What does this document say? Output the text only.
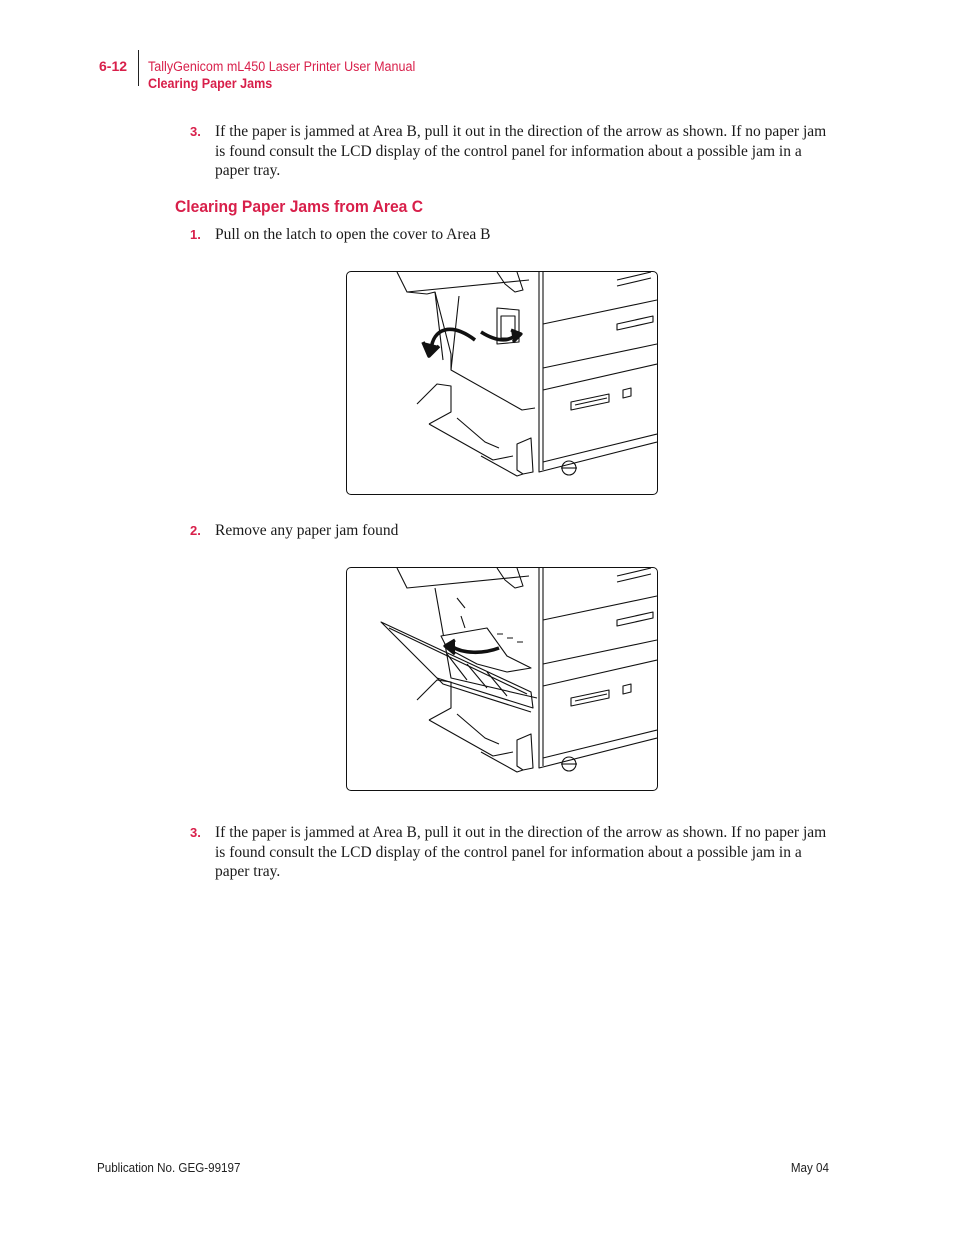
6-12 TallyGenicom mL450 Laser Printer User Manual
Clearing Paper Jams
3. If the paper is jammed at Area B, pull it out in the direction of the arrow as shown. If no paper jam is found consult the LCD display of the control panel for information about a possible jam in a paper tray.
Clearing Paper Jams from Area C
1. Pull on the latch to open the cover to Area B
2. Remove any paper jam found
3. If the paper is jammed at Area B, pull it out in the direction of the arrow as shown. If no paper jam is found consult the LCD display of the control panel for information about a possible jam in a paper tray.
Publication No. GEG-99197	May 04
